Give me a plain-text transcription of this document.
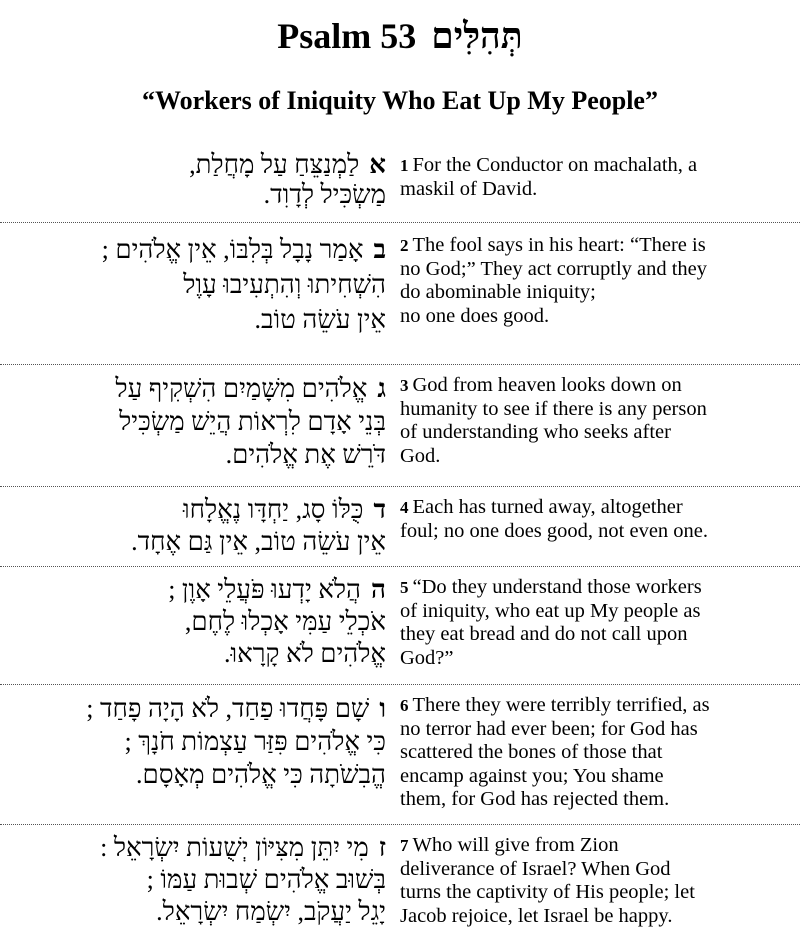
Psalm 53 תְּהִלִּים
“Workers of Iniquity Who Eat Up My People”
אלַמְנַצֵּחַ עַל מָחֲלַת,
מַשְׂכִּיל לְדָוִד.
1 For the Conductor on machalath, a
maskil of David.
באָמַר נָבָל בְּלִבּוֹ, אֵין אֱלֹהִים ;
הִשְׁחִיתוּ וְהִתְעִיבוּ עָוֶל
אֵין עֹשֵׂה טוֹב.
2 The fool says in his heart: “There is
no God;” They act corruptly and they
do abominable iniquity;
no one does good.
גאֱלֹהִים מִשָּׁמַיִם הִשְׁקִיף עַל
בְּנֵי אָדָם לִרְאוֹת הֲיֵשׁ מַשְׂכִּיל
דֹּרֵשׁ אֶת אֱלֹהִים.
3 God from heaven looks down on
humanity to see if there is any person
of understanding who seeks after
God.
דכֻּלּוֹ סָג, יַחְדָּו נֶאֱלָחוּ
אֵין עֹשֵׂה טוֹב, אֵין גַּם אֶחָד.
4 Each has turned away, altogether
foul; no one does good, not even one.
ההֲלֹא יָדְעוּ פֹּעֲלֵי אָוֶן ;
אֹכְלֵי עַמִּי אָכְלוּ לֶחֶם,
אֱלֹהִים לֹא קָרָאוּ.
5 “Do they understand those workers
of iniquity, who eat up My people as
they eat bread and do not call upon
God?”
ושָׁם פָּחֲדוּ פַחַד, לֹא הָיָה פָחַד ;
כִּי אֱלֹהִים פִּזַּר עַצְמוֹת חֹנָךְ ;
הֱבִשֹׁתָה כִּי אֱלֹהִים מְאָסָם.
6 There they were terribly terrified, as
no terror had ever been; for God has
scattered the bones of those that
encamp against you; You shame
them, for God has rejected them.
זמִי יִתֵּן מִצִּיּוֹן יְשֻׁעוֹת יִשְׂרָאֵל :
בְּשׁוּב אֱלֹהִים שְׁבוּת עַמּוֹ ;
יָגֵל יַעֲקֹב, יִשְׂמַח יִשְׂרָאֵל.
7 Who will give from Zion
deliverance of Israel? When God
turns the captivity of His people; let
Jacob rejoice, let Israel be happy.
